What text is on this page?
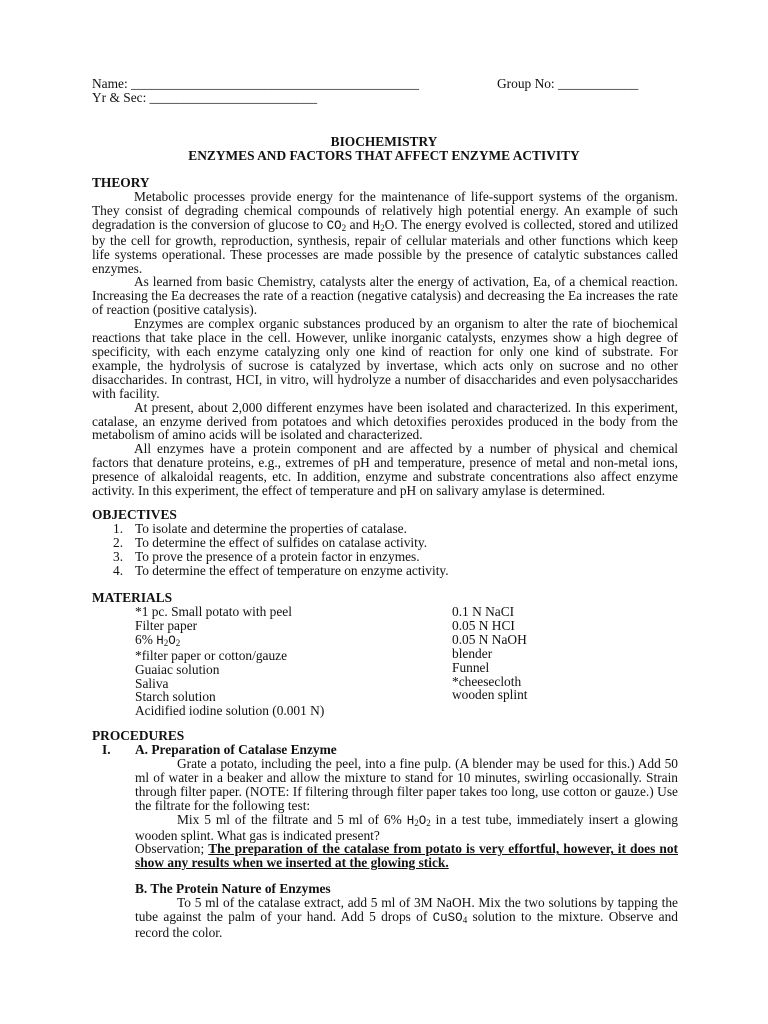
Name: ___________________________________________	Group No: ____________
Yr & Sec: _________________________
BIOCHEMISTRY
ENZYMES AND FACTORS THAT AFFECT ENZYME ACTIVITY
THEORY

Metabolic processes provide energy for the maintenance of life-support systems of the organism. They consist of degrading chemical compounds of relatively high potential energy. An example of such degradation is the conversion of glucose to $CO_2$ and $H_2O$. The energy evolved is collected, stored and utilized by the cell for growth, reproduction, synthesis, repair of cellular materials and other functions which keep life systems operational. These processes are made possible by the presence of catalytic substances called enzymes.

As learned from basic Chemistry, catalysts alter the energy of activation, Ea, of a chemical reaction. Increasing the Ea decreases the rate of a reaction (negative catalysis) and decreasing the Ea increases the rate of reaction (positive catalysis).

Enzymes are complex organic substances produced by an organism to alter the rate of biochemical reactions that take place in the cell. However, unlike inorganic catalysts, enzymes show a high degree of specificity, with each enzyme catalyzing only one kind of reaction for only one kind of substrate. For example, the hydrolysis of sucrose is catalyzed by invertase, which acts only on sucrose and no other disaccharides. In contrast, HCI, in vitro, will hydrolyze a number of disaccharides and even polysaccharides with facility.

At present, about 2,000 different enzymes have been isolated and characterized. In this experiment, catalase, an enzyme derived from potatoes and which detoxifies peroxides produced in the body from the metabolism of amino acids will be isolated and characterized.

All enzymes have a protein component and are affected by a number of physical and chemical factors that denature proteins, e.g., extremes of pH and temperature, presence of metal and non-metal ions, presence of alkaloidal reagents, etc. In addition, enzyme and substrate concentrations also affect enzyme activity. In this experiment, the effect of temperature and pH on salivary amylase is determined.

OBJECTIVES
1. To isolate and determine the properties of catalase.
2. To determine the effect of sulfides on catalase activity.
3. To prove the presence of a protein factor in enzymes.
4. To determine the effect of temperature on enzyme activity.
MATERIALS
*1 pc. Small potato with peel
Filter paper
6% $H_2O_2$
*filter paper or cotton/gauze
Guaiac solution
Saliva
Starch solution
Acidified iodine solution (0.001 N)
0.1 N NaCI
0.05 N HCI
0.05 N NaOH
blender
Funnel
*cheesecloth
wooden splint
PROCEDURES
I. A. Preparation of Catalase Enzyme

Grate a potato, including the peel, into a fine pulp. (A blender may be used for this.) Add 50 ml of water in a beaker and allow the mixture to stand for 10 minutes, swirling occasionally. Strain through filter paper. (NOTE: If filtering through filter paper takes too long, use cotton or gauze.) Use the filtrate for the following test:

Mix 5 ml of the filtrate and 5 ml of 6% $H_2O_2$ in a test tube, immediately insert a glowing wooden splint. What gas is indicated present?

Observation; The preparation of the catalase from potato is very effortful, however, it does not show any results when we inserted at the glowing stick.

B. The Protein Nature of Enzymes

To 5 ml of the catalase extract, add 5 ml of 3M NaOH. Mix the two solutions by tapping the tube against the palm of your hand. Add 5 drops of CuSO$_4$ solution to the mixture. Observe and record the color.
